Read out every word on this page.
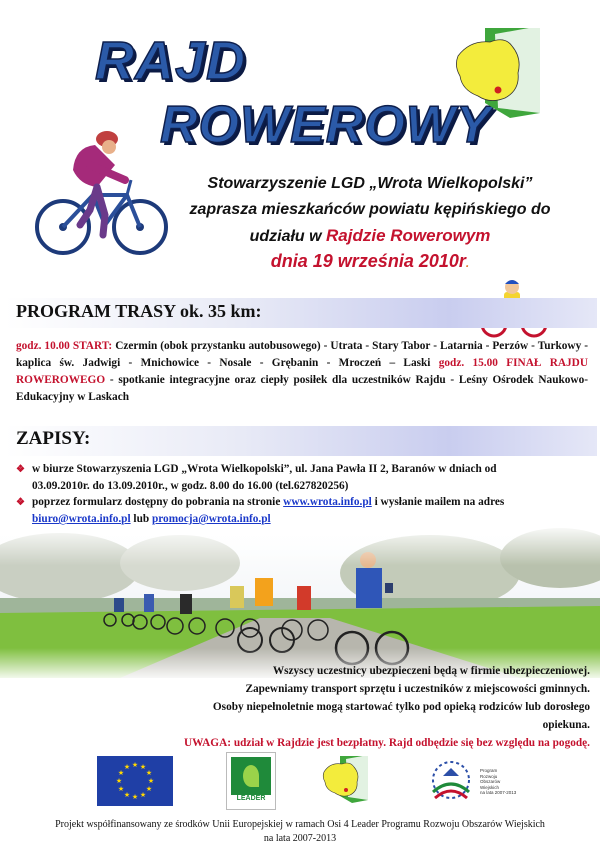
RAJD
ROWEROWY
Stowarzyszenie LGD „Wrota Wielkopolski”
zaprasza mieszkańców powiatu kępińskiego do
udziału w Rajdzie Rowerowym
dnia 19 września 2010r.
PROGRAM TRASY ok. 35 km:
godz. 10.00 START: Czermin (obok przystanku autobusowego) - Utrata - Stary Tabor - Latarnia - Perzów - Turkowy - kaplica św. Jadwigi - Mnichowice - Nosale - Grębanin - Mroczeń – Laski godz. 15.00 FINAŁ RAJDU ROWEROWEGO - spotkanie integracyjne oraz ciepły posiłek dla uczestników Rajdu - Leśny Ośrodek Naukowo-Edukacyjny w Laskach
ZAPISY:
❖ w biurze Stowarzyszenia LGD „Wrota Wielkopolski”, ul. Jana Pawła II 2, Baranów w dniach od
03.09.2010r. do 13.09.2010r., w godz. 8.00 do 16.00 (tel.627820256)
❖ poprzez formularz dostępny do pobrania na stronie www.wrota.info.pl i wysłanie mailem na adres
biuro@wrota.info.pl lub promocja@wrota.info.pl
Wszyscy uczestnicy ubezpieczeni będą w firmie ubezpieczeniowej.
Zapewniamy transport sprzętu i uczestników z miejscowości gminnych.
Osoby niepełnoletnie mogą startować tylko pod opieką rodziców lub dorosłego opiekuna.
UWAGA: udział w Rajdzie jest bezpłatny. Rajd odbędzie się bez względu na pogodę.
★ ★
★
★
★
★
★
★
★
★
★
★
LEADER
Program
Rozwoju
Obszarów
Wiejskich
na lata 2007-2013
Projekt współfinansowany ze środków Unii Europejskiej w ramach Osi 4 Leader Programu Rozwoju Obszarów Wiejskich
na lata 2007-2013
